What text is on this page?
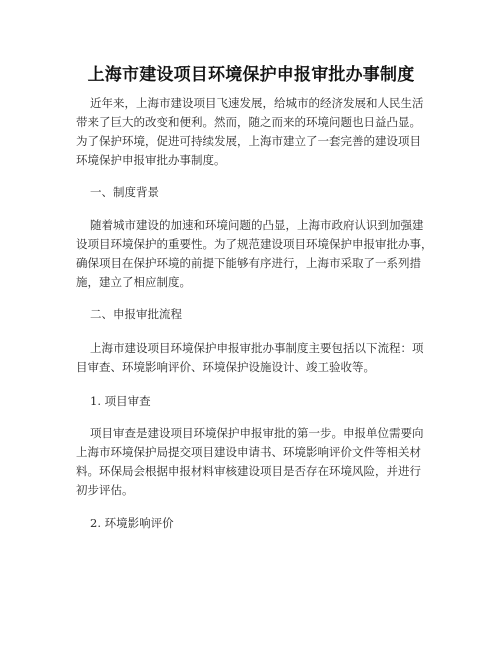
上海市建设项目环境保护申报审批办事制度
近年来，上海市建设项目飞速发展，给城市的经济发展和人民生活
带来了巨大的改变和便利。然而，随之而来的环境问题也日益凸显。
为了保护环境，促进可持续发展，上海市建立了一套完善的建设项目
环境保护申报审批办事制度。
一、制度背景
随着城市建设的加速和环境问题的凸显，上海市政府认识到加强建
设项目环境保护的重要性。为了规范建设项目环境保护申报审批办事，
确保项目在保护环境的前提下能够有序进行，上海市采取了一系列措
施，建立了相应制度。
二、申报审批流程
上海市建设项目环境保护申报审批办事制度主要包括以下流程：项
目审查、环境影响评价、环境保护设施设计、竣工验收等。
1. 项目审查
项目审查是建设项目环境保护申报审批的第一步。申报单位需要向
上海市环境保护局提交项目建设申请书、环境影响评价文件等相关材
料。环保局会根据申报材料审核建设项目是否存在环境风险，并进行
初步评估。
2. 环境影响评价
